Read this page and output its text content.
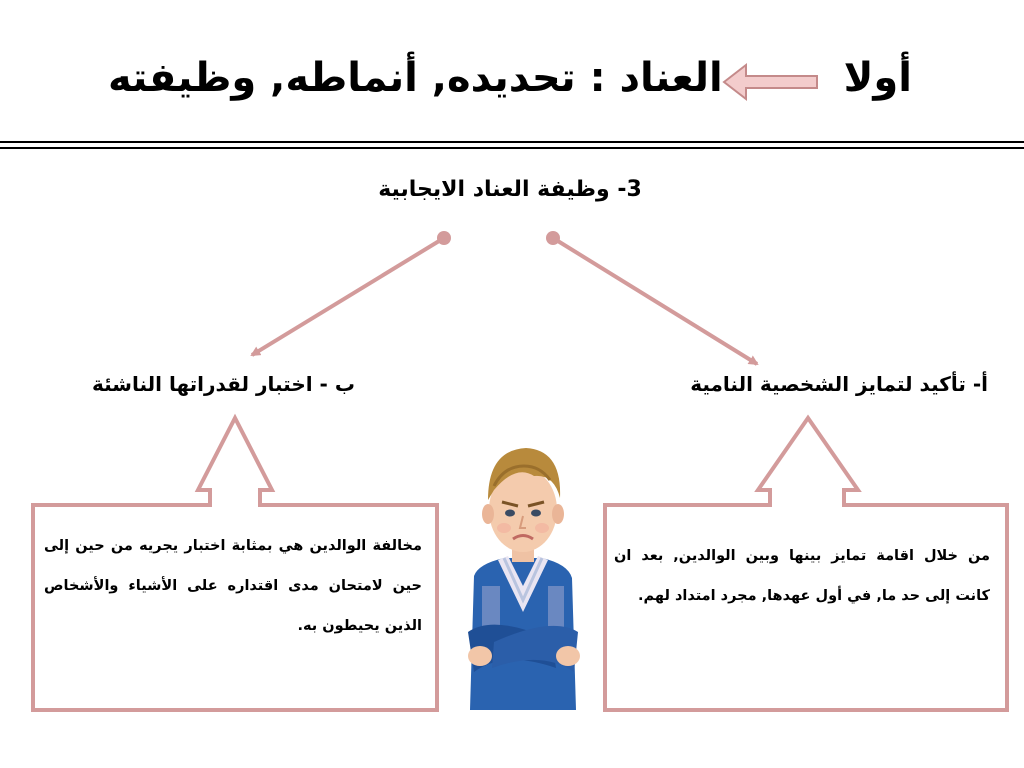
أولا
العناد : تحديده, أنماطه, وظيفته
3- وظيفة العناد الايجابية
أ- تأكيد لتمايز الشخصية النامية
ب - اختبار لقدراتها الناشئة
من خلال اقامة تمايز بينها وبين الوالدين, بعد ان كانت إلى حد ما, في أول عهدها, مجرد امتداد لهم.
مخالفة الوالدين هي بمثابة اختبار يجريه من حين إلى حين لامتحان مدى اقتداره على الأشياء والأشخاص الذين يحيطون به.
